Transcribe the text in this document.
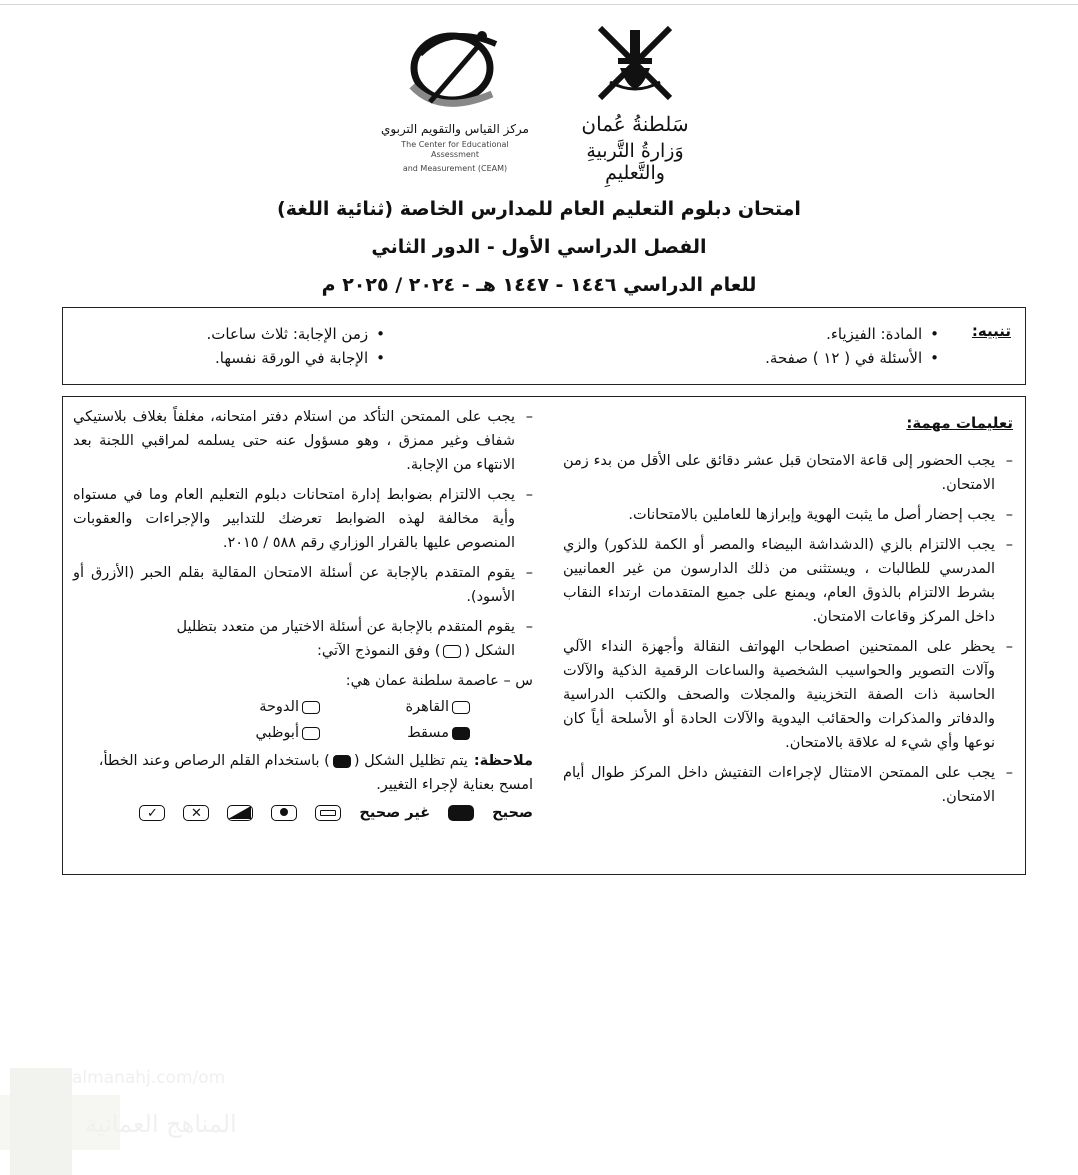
مركز القياس والتقويم التربوي
The Center for Educational Assessment
and Measurement (CEAM)
سَلطنةُ عُمان
وَزارةُ التَّربيةِ والتَّعليمِ
امتحان دبلوم التعليم العام للمدارس الخاصة (ثنائية اللغة)
الفصل الدراسي الأول - الدور الثاني
للعام الدراسي ١٤٤٦ - ١٤٤٧ هـ - ٢٠٢٤ / ٢٠٢٥ م
تنبيه:
• المادة: الفيزياء.
• الأسئلة في ( ١٢ ) صفحة.
• زمن الإجابة: ثلاث ساعات.
• الإجابة في الورقة نفسها.
تعليمات مهمة:
– يجب الحضور إلى قاعة الامتحان قبل عشر دقائق على الأقل من بدء زمن الامتحان.
– يجب إحضار أصل ما يثبت الهوية وإبرازها للعاملين بالامتحانات.
– يجب الالتزام بالزي (الدشداشة البيضاء والمصر أو الكمة للذكور) والزي المدرسي للطالبات ، ويستثنى من ذلك الدارسون من غير العمانيين بشرط الالتزام بالذوق العام، ويمنع على جميع المتقدمات ارتداء النقاب داخل المركز وقاعات الامتحان.
– يحظر على الممتحنين اصطحاب الهواتف النقالة وأجهزة النداء الآلي وآلات التصوير والحواسيب الشخصية والساعات الرقمية الذكية والآلات الحاسبة ذات الصفة التخزينية والمجلات والصحف والكتب الدراسية والدفاتر والمذكرات والحقائب اليدوية والآلات الحادة أو الأسلحة أياً كان نوعها وأي شيء له علاقة بالامتحان.
– يجب على الممتحن الامتثال لإجراءات التفتيش داخل المركز طوال أيام الامتحان.
– يجب على الممتحن التأكد من استلام دفتر امتحانه، مغلفاً بغلاف بلاستيكي شفاف وغير ممزق ، وهو مسؤول عنه حتى يسلمه لمراقبي اللجنة بعد الانتهاء من الإجابة.
– يجب الالتزام بضوابط إدارة امتحانات دبلوم التعليم العام وما في مستواه وأية مخالفة لهذه الضوابط تعرضك للتدابير والإجراءات والعقوبات المنصوص عليها بالقرار الوزاري رقم ٥٨٨ / ٢٠١٥.
– يقوم المتقدم بالإجابة عن أسئلة الامتحان المقالية بقلم الحبر (الأزرق أو الأسود).
– يقوم المتقدم بالإجابة عن أسئلة الاختيار من متعدد بتظليل
الشكل () وفق النموذج الآتي:
س – عاصمة سلطنة عمان هي:
القاهرة
الدوحة
مسقط
أبوظبي
ملاحظة:يتم تظليل الشكل () باستخدام القلم الرصاص وعند الخطأ، امسح بعناية لإجراء التغيير.
صحيح
غير صحيح
✕
✓
almanahj.com/om
المناهج العمانية
